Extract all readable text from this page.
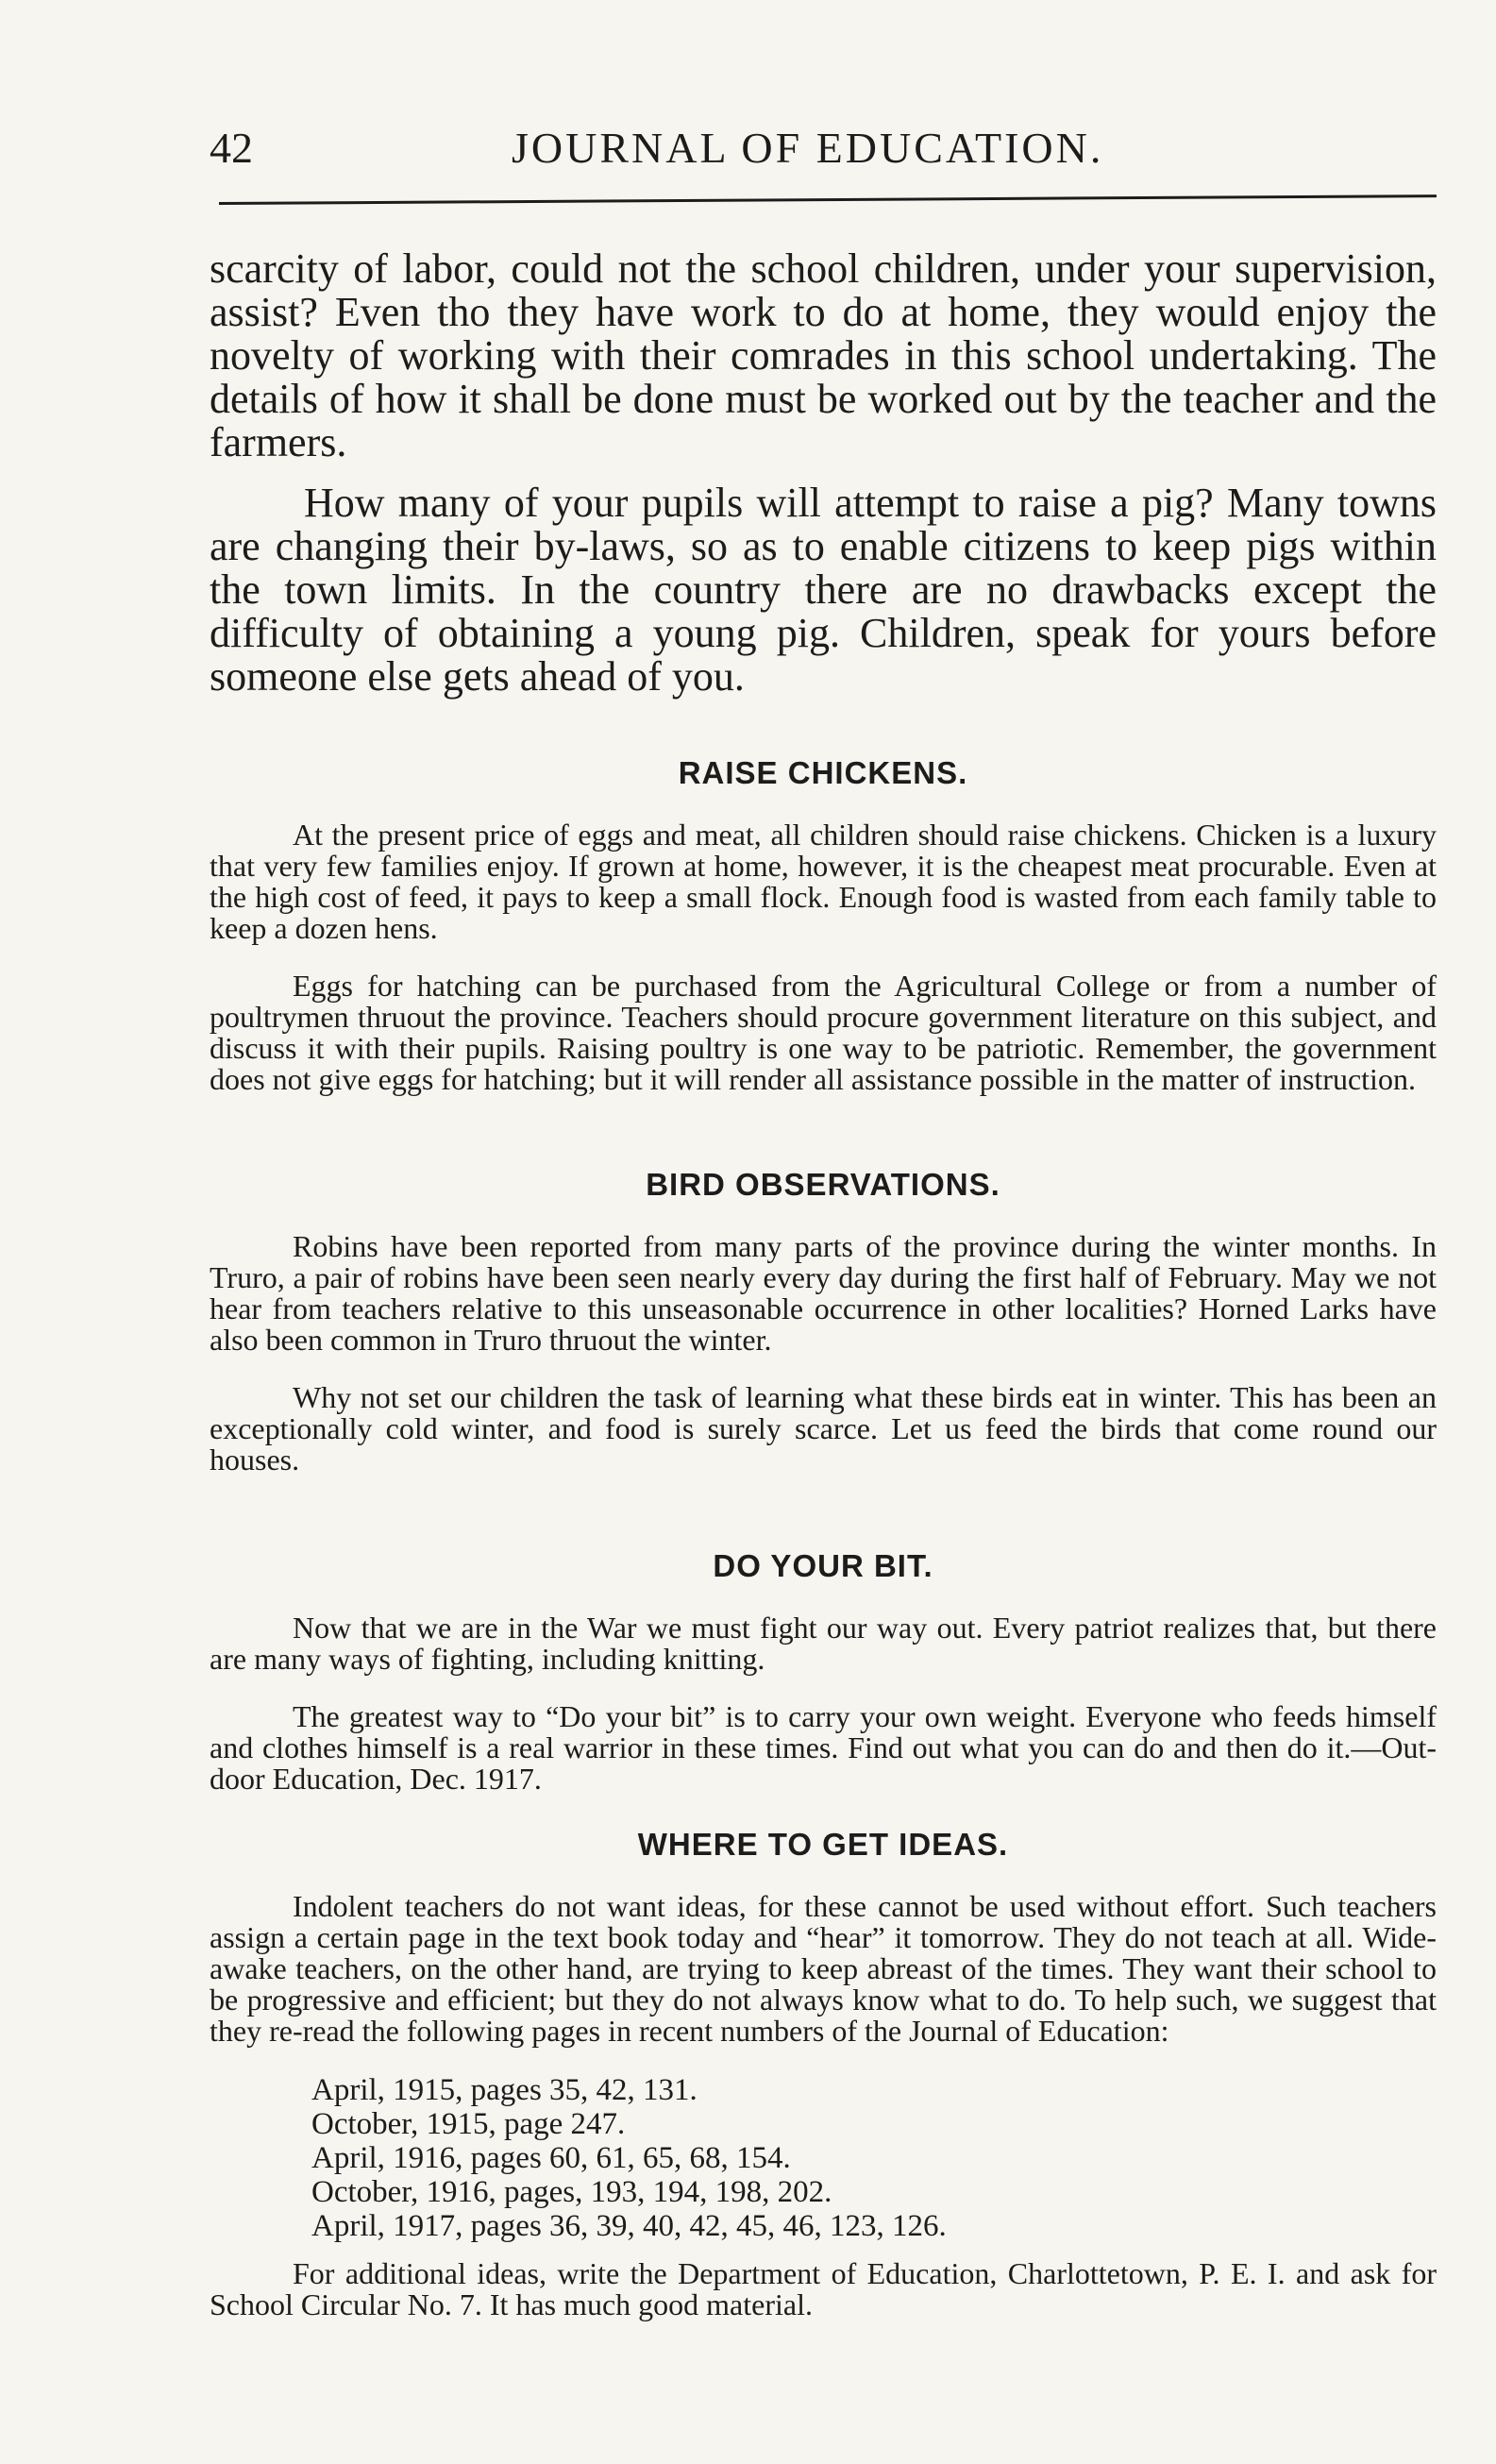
42	JOURNAL OF EDUCATION.

scarcity of labor, could not the school children, under your supervision, assist? Even tho they have work to do at home, they would enjoy the novelty of working with their comrades in this school undertaking. The details of how it shall be done must be worked out by the teacher and the farmers.

How many of your pupils will attempt to raise a pig? Many towns are changing their by-laws, so as to enable citizens to keep pigs within the town limits. In the country there are no drawbacks except the difficulty of obtaining a young pig. Children, speak for yours before someone else gets ahead of you.

RAISE CHICKENS.

At the present price of eggs and meat, all children should raise chickens. Chicken is a luxury that very few families enjoy. If grown at home, however, it is the cheapest meat procurable. Even at the high cost of feed, it pays to keep a small flock. Enough food is wasted from each family table to keep a dozen hens.

Eggs for hatching can be purchased from the Agricultural College or from a number of poultrymen thruout the province. Teachers should procure government literature on this subject, and discuss it with their pupils. Raising poultry is one way to be patriotic. Remember, the government does not give eggs for hatching; but it will render all assistance possible in the matter of instruction.

BIRD OBSERVATIONS.

Robins have been reported from many parts of the province during the winter months. In Truro, a pair of robins have been seen nearly every day during the first half of February. May we not hear from teachers relative to this unseasonable occurrence in other localities? Horned Larks have also been common in Truro thruout the winter.

Why not set our children the task of learning what these birds eat in winter. This has been an exceptionally cold winter, and food is surely scarce. Let us feed the birds that come round our houses.

DO YOUR BIT.

Now that we are in the War we must fight our way out. Every patriot realizes that, but there are many ways of fighting, including knitting.

The greatest way to “Do your bit” is to carry your own weight. Everyone who feeds himself and clothes himself is a real warrior in these times. Find out what you can do and then do it.—Out-door Education, Dec. 1917.

WHERE TO GET IDEAS.

Indolent teachers do not want ideas, for these cannot be used without effort. Such teachers assign a certain page in the text book today and “hear” it tomorrow. They do not teach at all. Wide-awake teachers, on the other hand, are trying to keep abreast of the times. They want their school to be progressive and efficient; but they do not always know what to do. To help such, we suggest that they re-read the following pages in recent numbers of the Journal of Education:

April, 1915, pages 35, 42, 131.
October, 1915, page 247.
April, 1916, pages 60, 61, 65, 68, 154.
October, 1916, pages, 193, 194, 198, 202.
April, 1917, pages 36, 39, 40, 42, 45, 46, 123, 126.

For additional ideas, write the Department of Education, Charlottetown, P. E. I. and ask for School Circular No. 7. It has much good material.
